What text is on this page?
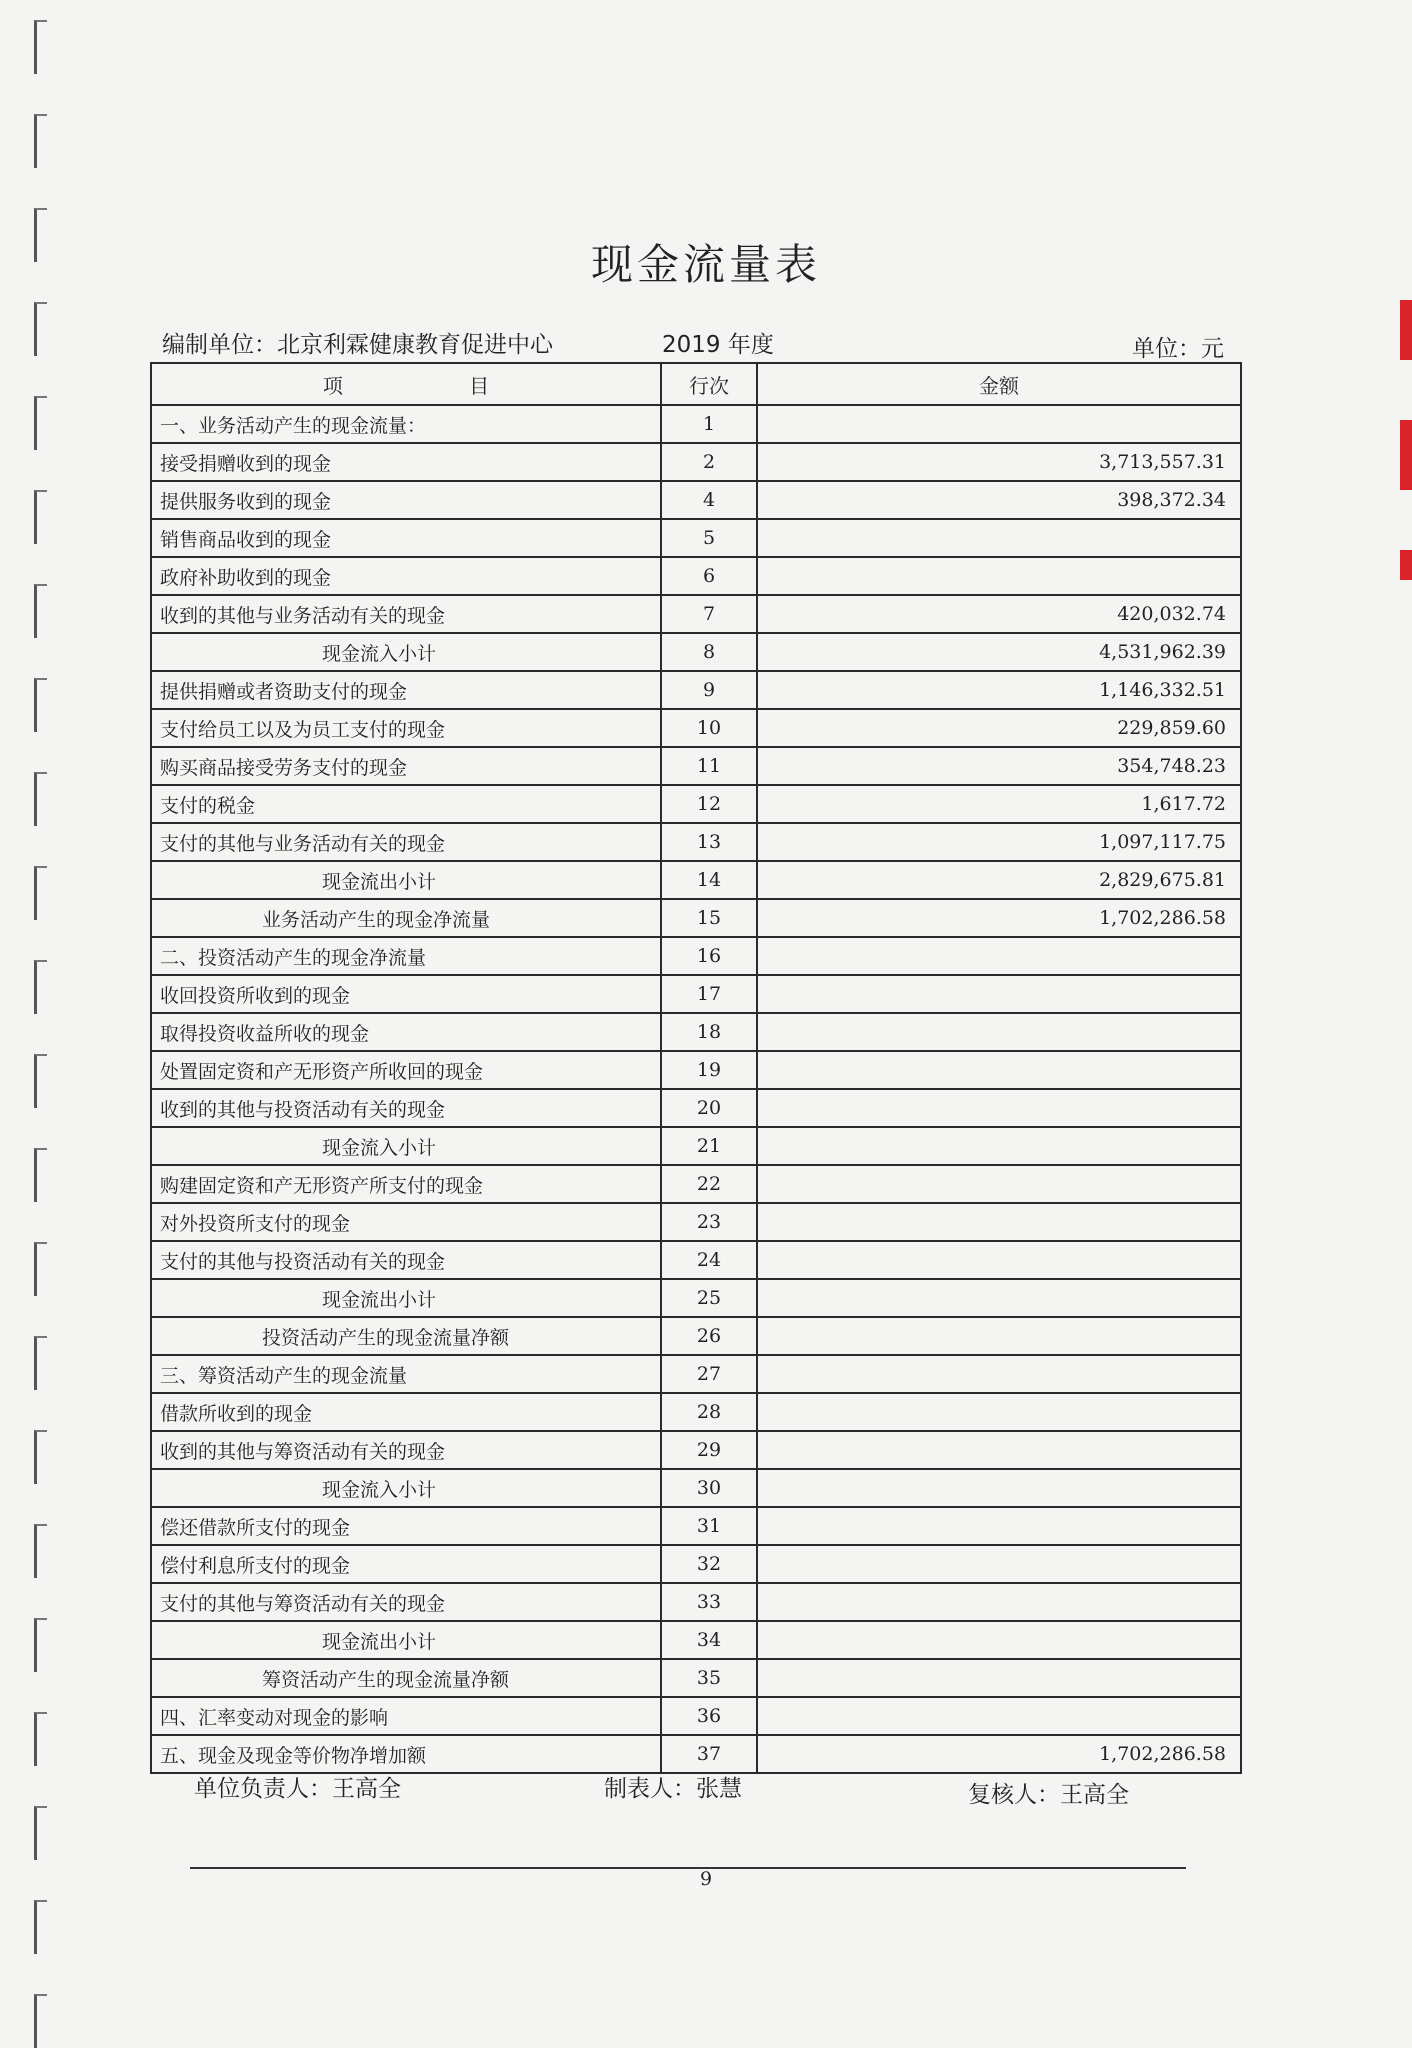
现金流量表
编制单位：北京利霖健康教育促进中心	2019 年度	单位：元
项 目	行次	金额
一、业务活动产生的现金流量：	1	
接受捐赠收到的现金	2	3,713,557.31
提供服务收到的现金	4	398,372.34
销售商品收到的现金	5	
政府补助收到的现金	6	
收到的其他与业务活动有关的现金	7	420,032.74
现金流入小计	8	4,531,962.39
提供捐赠或者资助支付的现金	9	1,146,332.51
支付给员工以及为员工支付的现金	10	229,859.60
购买商品接受劳务支付的现金	11	354,748.23
支付的税金	12	1,617.72
支付的其他与业务活动有关的现金	13	1,097,117.75
现金流出小计	14	2,829,675.81
业务活动产生的现金净流量	15	1,702,286.58
二、投资活动产生的现金净流量	16	
收回投资所收到的现金	17	
取得投资收益所收的现金	18	
处置固定资和产无形资产所收回的现金	19	
收到的其他与投资活动有关的现金	20	
现金流入小计	21	
购建固定资和产无形资产所支付的现金	22	
对外投资所支付的现金	23	
支付的其他与投资活动有关的现金	24	
现金流出小计	25	
投资活动产生的现金流量净额	26	
三、筹资活动产生的现金流量	27	
借款所收到的现金	28	
收到的其他与筹资活动有关的现金	29	
现金流入小计	30	
偿还借款所支付的现金	31	
偿付利息所支付的现金	32	
支付的其他与筹资活动有关的现金	33	
现金流出小计	34	
筹资活动产生的现金流量净额	35	
四、汇率变动对现金的影响	36	
五、现金及现金等价物净增加额	37	1,702,286.58
单位负责人：王高全	制表人：张慧	复核人：王高全
9
